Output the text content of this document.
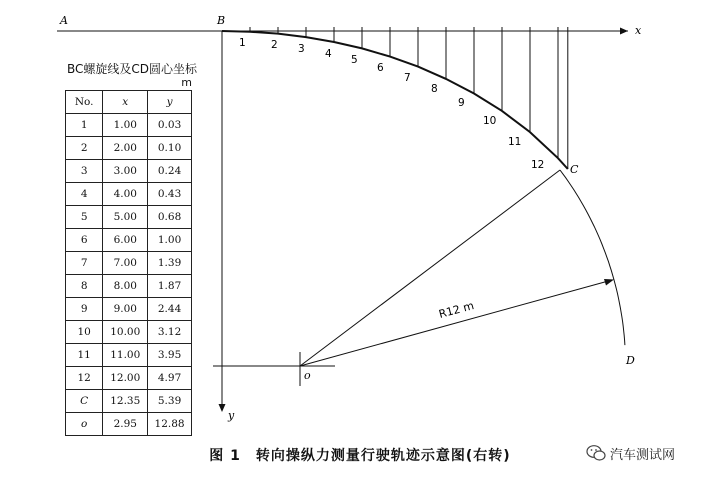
A	B
x
y
C
D
o
R12 m
1 2 3 4 5
6
7
8
9
10
11
12
BC螺旋线及CD圆心坐标
m
No.	x	y
1	1.00	0.03
2	2.00	0.10
3	3.00	0.24
4	4.00	0.43
5	5.00	0.68
6	6.00	1.00
7	7.00	1.39
8	8.00	1.87
9	9.00	2.44
10	10.00	3.12
11	11.00	3.95
12	12.00	4.97
C	12.35	5.39
o	2.95	12.88
图 1　转向操纵力测量行驶轨迹示意图(右转)	汽车测试网
